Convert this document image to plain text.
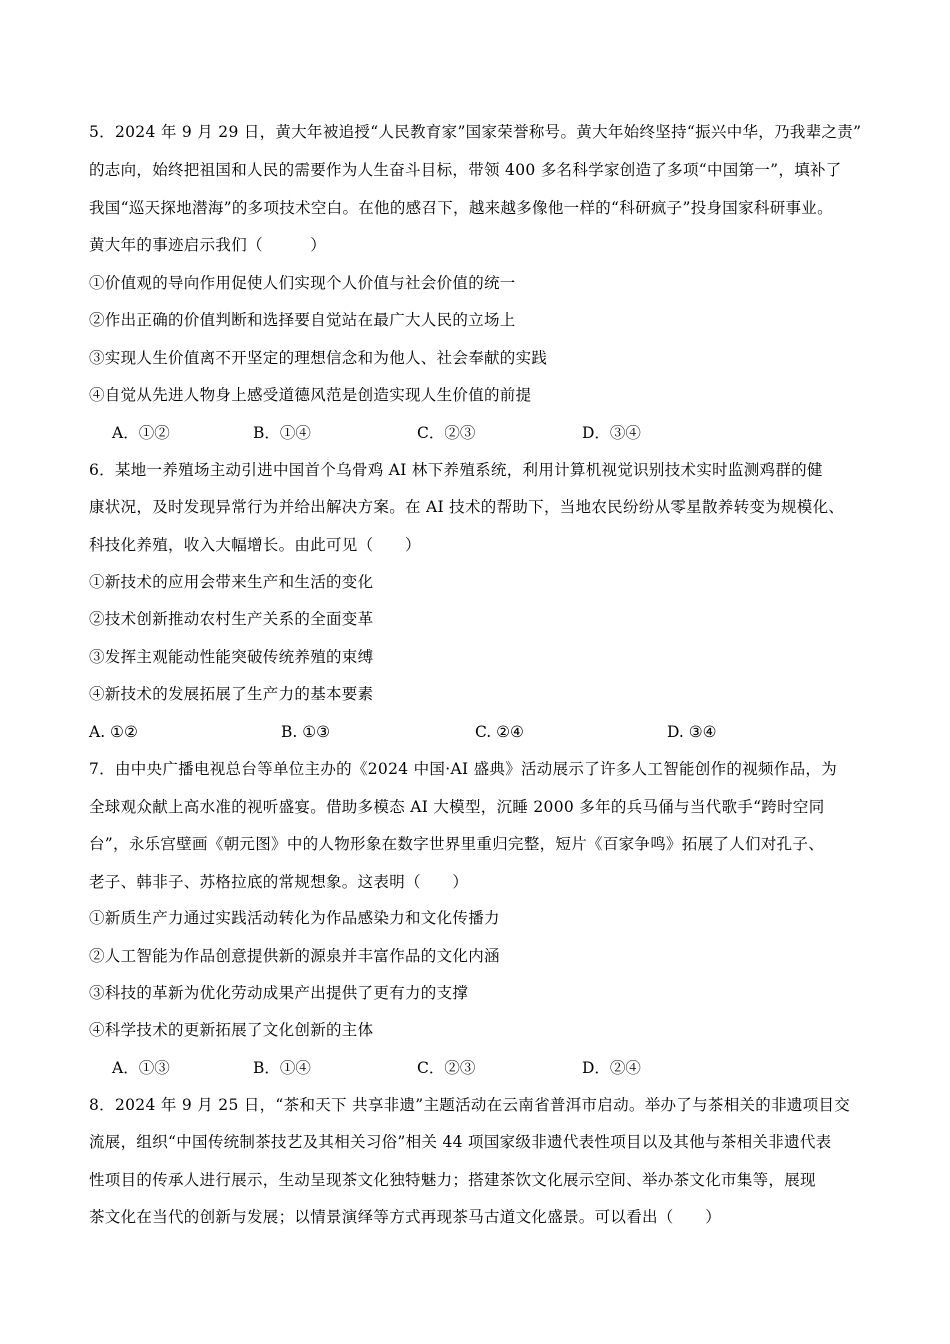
5．2024 年 9 月 29 日，黄大年被追授“人民教育家”国家荣誉称号。黄大年始终坚持“振兴中华，乃我辈之责”
的志向，始终把祖国和人民的需要作为人生奋斗目标，带领 400 多名科学家创造了多项“中国第一”，填补了
我国“巡天探地潜海”的多项技术空白。在他的感召下，越来越多像他一样的“科研疯子”投身国家科研事业。
黄大年的事迹启示我们（　　　）
①价值观的导向作用促使人们实现个人价值与社会价值的统一
②作出正确的价值判断和选择要自觉站在最广大人民的立场上
③实现人生价值离不开坚定的理想信念和为他人、社会奉献的实践
④自觉从先进人物身上感受道德风范是创造实现人生价值的前提
A．①②	B．①④	C．②③	D．③④
6．某地一养殖场主动引进中国首个乌骨鸡 AI 林下养殖系统，利用计算机视觉识别技术实时监测鸡群的健
康状况，及时发现异常行为并给出解决方案。在 AI 技术的帮助下，当地农民纷纷从零星散养转变为规模化、
科技化养殖，收入大幅增长。由此可见（　　）
①新技术的应用会带来生产和生活的变化
②技术创新推动农村生产关系的全面变革
③发挥主观能动性能突破传统养殖的束缚
④新技术的发展拓展了生产力的基本要素
A. ①②	B. ①③	C. ②④	D. ③④
7．由中央广播电视总台等单位主办的《2024 中国·AI 盛典》活动展示了许多人工智能创作的视频作品，为
全球观众献上高水准的视听盛宴。借助多模态 AI 大模型，沉睡 2000 多年的兵马俑与当代歌手“跨时空同
台”，永乐宫壁画《朝元图》中的人物形象在数字世界里重归完整，短片《百家争鸣》拓展了人们对孔子、
老子、韩非子、苏格拉底的常规想象。这表明（　　）
①新质生产力通过实践活动转化为作品感染力和文化传播力
②人工智能为作品创意提供新的源泉并丰富作品的文化内涵
③科技的革新为优化劳动成果产出提供了更有力的支撑
④科学技术的更新拓展了文化创新的主体
A．①③	B．①④	C．②③	D．②④
8．2024 年 9 月 25 日，“茶和天下 共享非遗”主题活动在云南省普洱市启动。举办了与茶相关的非遗项目交
流展，组织“中国传统制茶技艺及其相关习俗”相关 44 项国家级非遗代表性项目以及其他与茶相关非遗代表
性项目的传承人进行展示，生动呈现茶文化独特魅力；搭建茶饮文化展示空间、举办茶文化市集等，展现
茶文化在当代的创新与发展；以情景演绎等方式再现茶马古道文化盛景。可以看出（　　）
